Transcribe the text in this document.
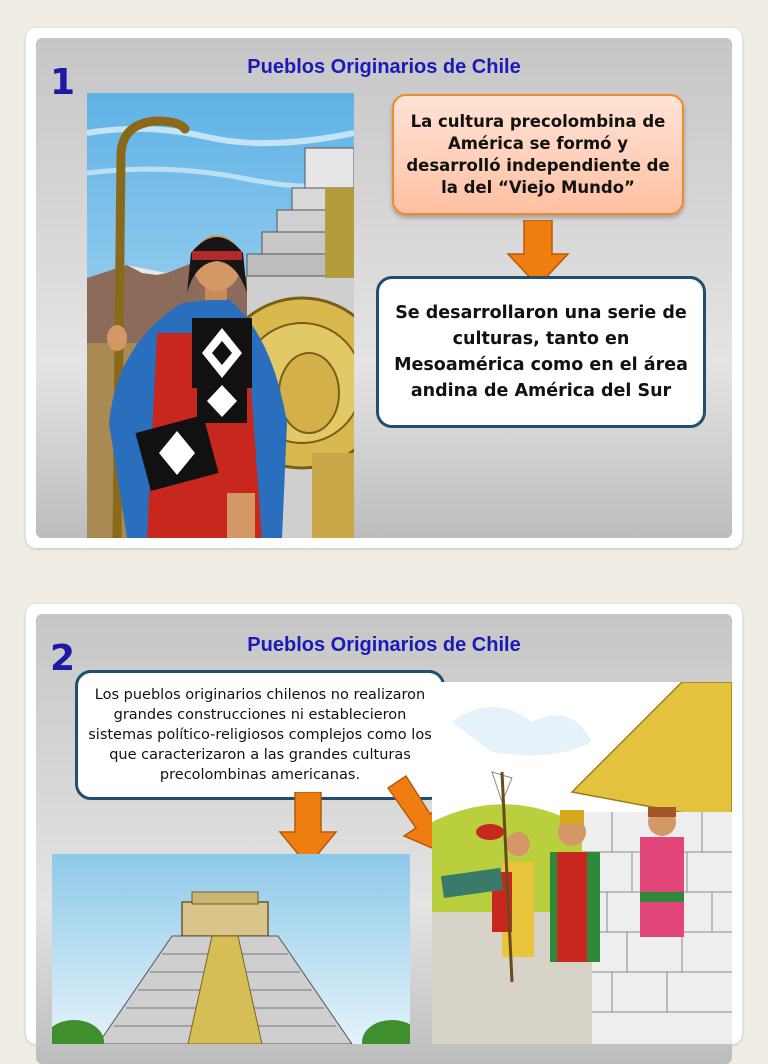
1	Pueblos Originarios de Chile
La cultura precolombina de América se formó y desarrolló independiente de la del “Viejo Mundo”
Se desarrollaron una serie de culturas, tanto en Mesoamérica como en el área andina de América del Sur
2	Pueblos Originarios de Chile
Los pueblos originarios chilenos no realizaron grandes construcciones ni establecieron sistemas político-religiosos complejos como los que caracterizaron a las grandes culturas precolombinas americanas.
